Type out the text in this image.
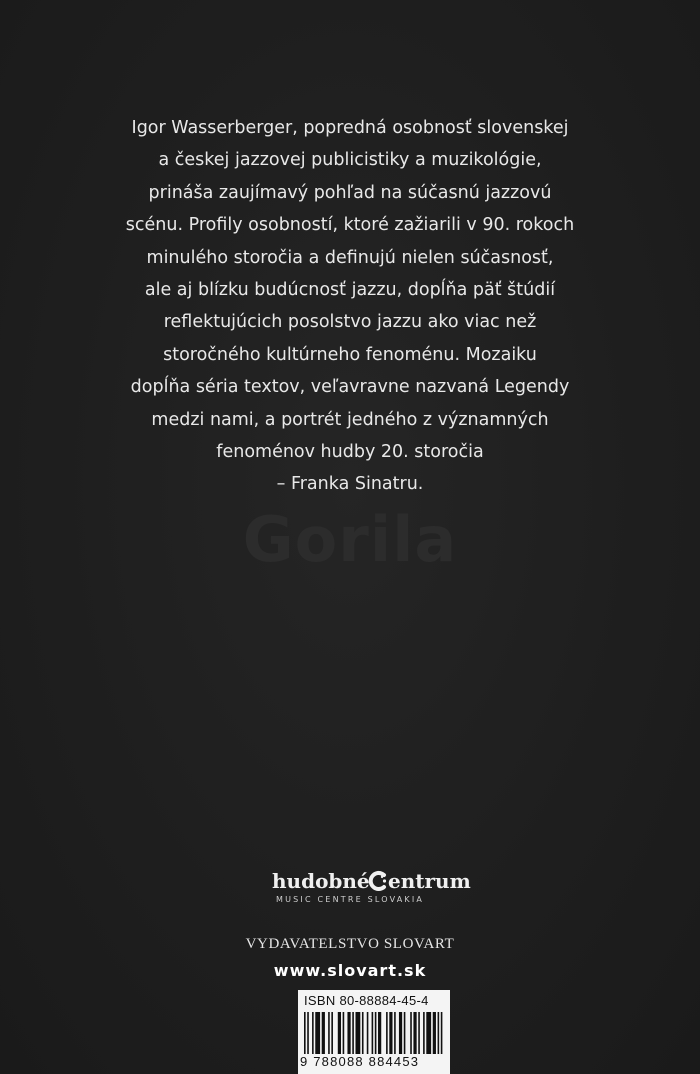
Igor Wasserberger, popredná osobnosť slovenskej
a českej jazzovej publicistiky a muzikológie,
prináša zaujímavý pohľad na súčasnú jazzovú
scénu. Profily osobností, ktoré zažiarili v 90. rokoch
minulého storočia a definujú nielen súčasnosť,
ale aj blízku budúcnosť jazzu, dopĺňa päť štúdií
reflektujúcich posolstvo jazzu ako viac než
storočného kultúrneho fenoménu. Mozaiku
dopĺňa séria textov, veľavravne nazvaná Legendy
medzi nami, a portrét jedného z významných
fenoménov hudby 20. storočia
– Franka Sinatru.
Gorila
hudobné entrum
MUSIC CENTRE SLOVAKIA
VYDAVATELSTVO SLOVART
www.slovart.sk
ISBN 80-88884-45-4
9 788088 884453
